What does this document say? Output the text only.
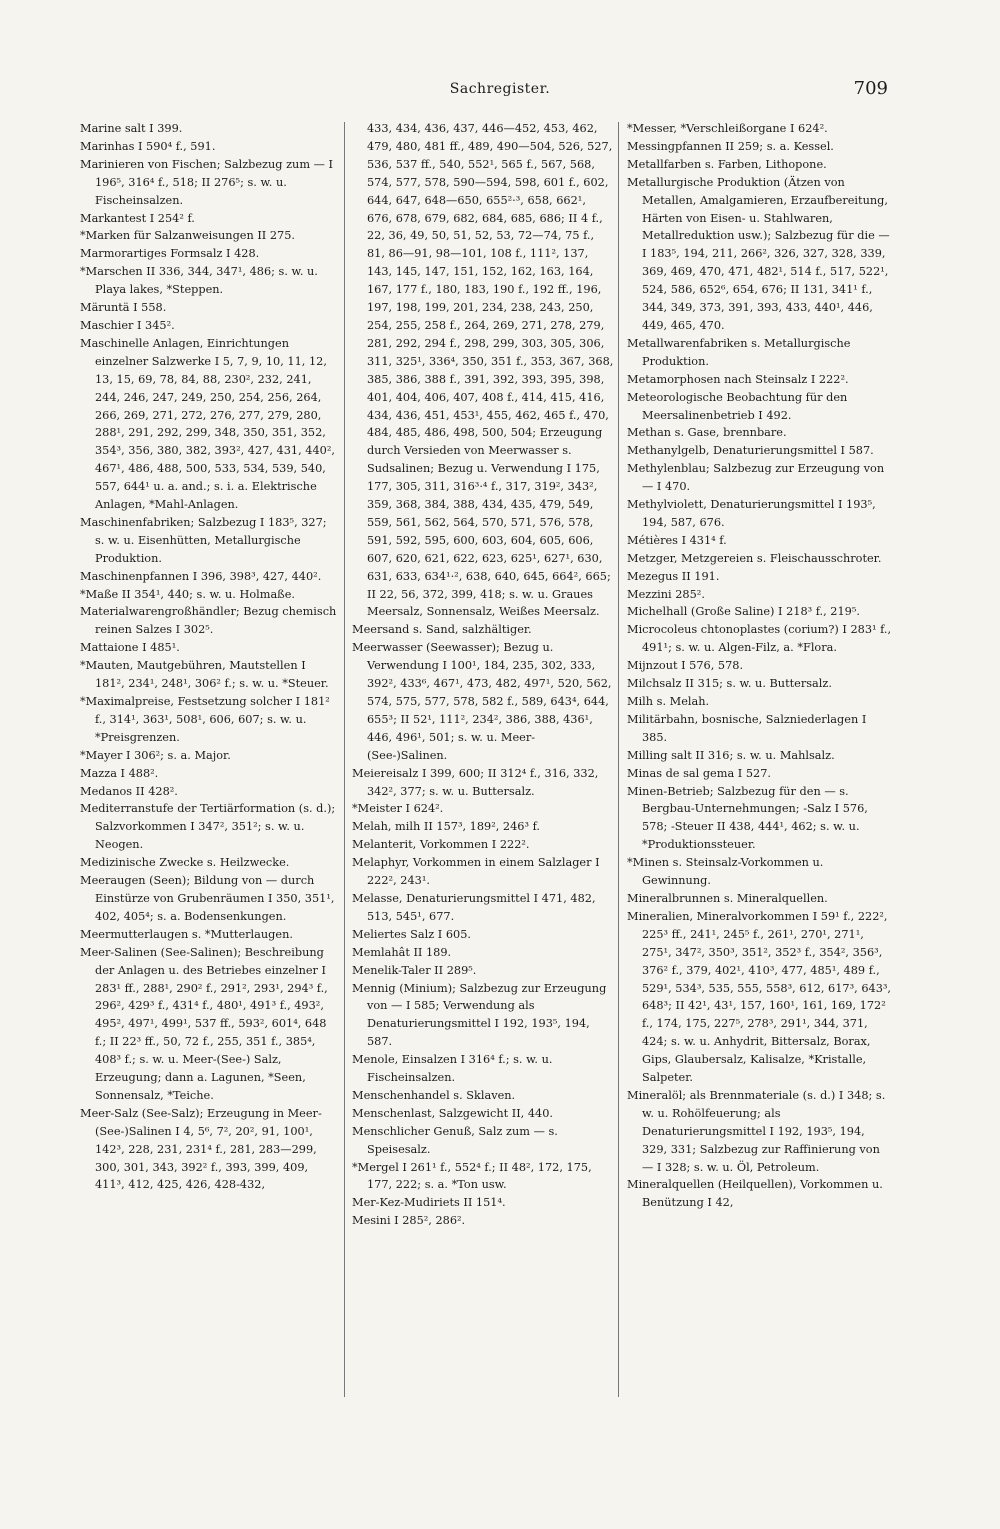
Sachregister.	709

Marine salt I 399.

Marinhas I 590⁴ f., 591.

Marinieren von Fischen; Salzbezug zum — I 196⁵, 316⁴ f., 518; II 276⁵; s. w. u. Fischeinsalzen.

Markantest I 254² f.

*Marken für Salzanweisungen II 275.

Marmorartiges Formsalz I 428.

*Marschen II 336, 344, 347¹, 486; s. w. u. Playa lakes, *Steppen.

Märuntä I 558.

Maschier I 345².

Maschinelle Anlagen, Einrichtungen einzelner Salzwerke I 5, 7, 9, 10, 11, 12, 13, 15, 69, 78, 84, 88, 230², 232, 241, 244, 246, 247, 249, 250, 254, 256, 264, 266, 269, 271, 272, 276, 277, 279, 280, 288¹, 291, 292, 299, 348, 350, 351, 352, 354³, 356, 380, 382, 393², 427, 431, 440², 467¹, 486, 488, 500, 533, 534, 539, 540, 557, 644¹ u. a. and.; s. i. a. Elektrische Anlagen, *Mahl-Anlagen.

Maschinenfabriken; Salzbezug I 183⁵, 327; s. w. u. Eisenhütten, Metallurgische Produktion.

Maschinenpfannen I 396, 398³, 427, 440².

*Maße II 354¹, 440; s. w. u. Holmaße.

Materialwarengroßhändler; Bezug chemisch reinen Salzes I 302⁵.

Mattaione I 485¹.

*Mauten, Mautgebühren, Mautstellen I 181², 234¹, 248¹, 306² f.; s. w. u. *Steuer.

*Maximalpreise, Festsetzung solcher I 181² f., 314¹, 363¹, 508¹, 606, 607; s. w. u. *Preisgrenzen.

*Mayer I 306²; s. a. Major.

Mazza I 488².

Medanos II 428².

Mediterranstufe der Tertiärformation (s. d.); Salzvorkommen I 347², 351²; s. w. u. Neogen.

Medizinische Zwecke s. Heilzwecke.

Meeraugen (Seen); Bildung von — durch Einstürze von Grubenräumen I 350, 351¹, 402, 405⁴; s. a. Bodensenkungen.

Meermutterlaugen s. *Mutterlaugen.

Meer-Salinen (See-Salinen); Beschreibung der Anlagen u. des Betriebes einzelner I 283¹ ff., 288¹, 290² f., 291², 293¹, 294³ f., 296², 429³ f., 431⁴ f., 480¹, 491³ f., 493², 495², 497¹, 499¹, 537 ff., 593², 601⁴, 648 f.; II 22³ ff., 50, 72 f., 255, 351 f., 385⁴, 408³ f.; s. w. u. Meer-(See-) Salz, Erzeugung; dann a. Lagunen, *Seen, Sonnensalz, *Teiche.

Meer-Salz (See-Salz); Erzeugung in Meer-(See-)Salinen I 4, 5⁶, 7², 20², 91, 100¹, 142³, 228, 231, 231⁴ f., 281, 283—299, 300, 301, 343, 392² f., 393, 399, 409, 411³, 412, 425, 426, 428-432,

433, 434, 436, 437, 446—452, 453, 462, 479, 480, 481 ff., 489, 490—504, 526, 527, 536, 537 ff., 540, 552¹, 565 f., 567, 568, 574, 577, 578, 590—594, 598, 601 f., 602, 644, 647, 648—650, 655²·³, 658, 662¹, 676, 678, 679, 682, 684, 685, 686; II 4 f., 22, 36, 49, 50, 51, 52, 53, 72—74, 75 f., 81, 86—91, 98—101, 108 f., 111², 137, 143, 145, 147, 151, 152, 162, 163, 164, 167, 177 f., 180, 183, 190 f., 192 ff., 196, 197, 198, 199, 201, 234, 238, 243, 250, 254, 255, 258 f., 264, 269, 271, 278, 279, 281, 292, 294 f., 298, 299, 303, 305, 306, 311, 325¹, 336⁴, 350, 351 f., 353, 367, 368, 385, 386, 388 f., 391, 392, 393, 395, 398, 401, 404, 406, 407, 408 f., 414, 415, 416, 434, 436, 451, 453¹, 455, 462, 465 f., 470, 484, 485, 486, 498, 500, 504; Erzeugung durch Versieden von Meerwasser s. Sudsalinen; Bezug u. Verwendung I 175, 177, 305, 311, 316³·⁴ f., 317, 319², 343², 359, 368, 384, 388, 434, 435, 479, 549, 559, 561, 562, 564, 570, 571, 576, 578, 591, 592, 595, 600, 603, 604, 605, 606, 607, 620, 621, 622, 623, 625¹, 627¹, 630, 631, 633, 634¹·², 638, 640, 645, 664², 665; II 22, 56, 372, 399, 418; s. w. u. Graues Meersalz, Sonnensalz, Weißes Meersalz.

Meersand s. Sand, salzhältiger.

Meerwasser (Seewasser); Bezug u. Verwendung I 100¹, 184, 235, 302, 333, 392², 433⁶, 467¹, 473, 482, 497¹, 520, 562, 574, 575, 577, 578, 582 f., 589, 643⁴, 644, 655³; II 52¹, 111², 234², 386, 388, 436¹, 446, 496¹, 501; s. w. u. Meer-(See-)Salinen.

Meiereisalz I 399, 600; II 312⁴ f., 316, 332, 342², 377; s. w. u. Buttersalz.

*Meister I 624².

Melah, milh II 157³, 189², 246³ f.

Melanterit, Vorkommen I 222².

Melaphyr, Vorkommen in einem Salzlager I 222², 243¹.

Melasse, Denaturierungsmittel I 471, 482, 513, 545¹, 677.

Meliertes Salz I 605.

Memlahât II 189.

Menelik-Taler II 289⁵.

Mennig (Minium); Salzbezug zur Erzeugung von — I 585; Verwendung als Denaturierungsmittel I 192, 193⁵, 194, 587.

Menole, Einsalzen I 316⁴ f.; s. w. u. Fischeinsalzen.

Menschenhandel s. Sklaven.

Menschenlast, Salzgewicht II, 440.

Menschlicher Genuß, Salz zum — s. Speisesalz.

*Mergel I 261¹ f., 552⁴ f.; II 48², 172, 175, 177, 222; s. a. *Ton usw.

Mer-Kez-Mudiriets II 151⁴.

Mesini I 285², 286².

*Messer, *Verschleißorgane I 624².

Messingpfannen II 259; s. a. Kessel.

Metallfarben s. Farben, Lithopone.

Metallurgische Produktion (Ätzen von Metallen, Amalgamieren, Erzaufbereitung, Härten von Eisen- u. Stahlwaren, Metallreduktion usw.); Salzbezug für die — I 183⁵, 194, 211, 266², 326, 327, 328, 339, 369, 469, 470, 471, 482¹, 514 f., 517, 522¹, 524, 586, 652⁶, 654, 676; II 131, 341¹ f., 344, 349, 373, 391, 393, 433, 440¹, 446, 449, 465, 470.

Metallwarenfabriken s. Metallurgische Produktion.

Metamorphosen nach Steinsalz I 222².

Meteorologische Beobachtung für den Meersalinenbetrieb I 492.

Methan s. Gase, brennbare.

Methanylgelb, Denaturierungsmittel I 587.

Methylenblau; Salzbezug zur Erzeugung von — I 470.

Methylviolett, Denaturierungsmittel I 193⁵, 194, 587, 676.

Métières I 431⁴ f.

Metzger, Metzgereien s. Fleischausschroter.

Mezegus II 191.

Mezzini 285².

Michelhall (Große Saline) I 218³ f., 219⁵.

Microcoleus chtonoplastes (corium?) I 283¹ f., 491¹; s. w. u. Algen-Filz, a. *Flora.

Mijnzout I 576, 578.

Milchsalz II 315; s. w. u. Buttersalz.

Milh s. Melah.

Militärbahn, bosnische, Salzniederlagen I 385.

Milling salt II 316; s. w. u. Mahlsalz.

Minas de sal gema I 527.

Minen-Betrieb; Salzbezug für den — s. Bergbau-Unternehmungen; -Salz I 576, 578; -Steuer II 438, 444¹, 462; s. w. u. *Produktionssteuer.

*Minen s. Steinsalz-Vorkommen u. Gewinnung.

Mineralbrunnen s. Mineralquellen.

Mineralien, Mineralvorkommen I 59¹ f., 222², 225³ ff., 241¹, 245⁵ f., 261¹, 270¹, 271¹, 275¹, 347², 350³, 351², 352³ f., 354², 356³, 376² f., 379, 402¹, 410³, 477, 485¹, 489 f., 529¹, 534³, 535, 555, 558³, 612, 617³, 643³, 648³; II 42¹, 43¹, 157, 160¹, 161, 169, 172² f., 174, 175, 227⁵, 278³, 291¹, 344, 371, 424; s. w. u. Anhydrit, Bittersalz, Borax, Gips, Glaubersalz, Kalisalze, *Kristalle, Salpeter.

Mineralöl; als Brennmateriale (s. d.) I 348; s. w. u. Rohölfeuerung; als Denaturierungsmittel I 192, 193⁵, 194, 329, 331; Salzbezug zur Raffinierung von — I 328; s. w. u. Öl, Petroleum.

Mineralquellen (Heilquellen), Vorkommen u. Benützung I 42,
